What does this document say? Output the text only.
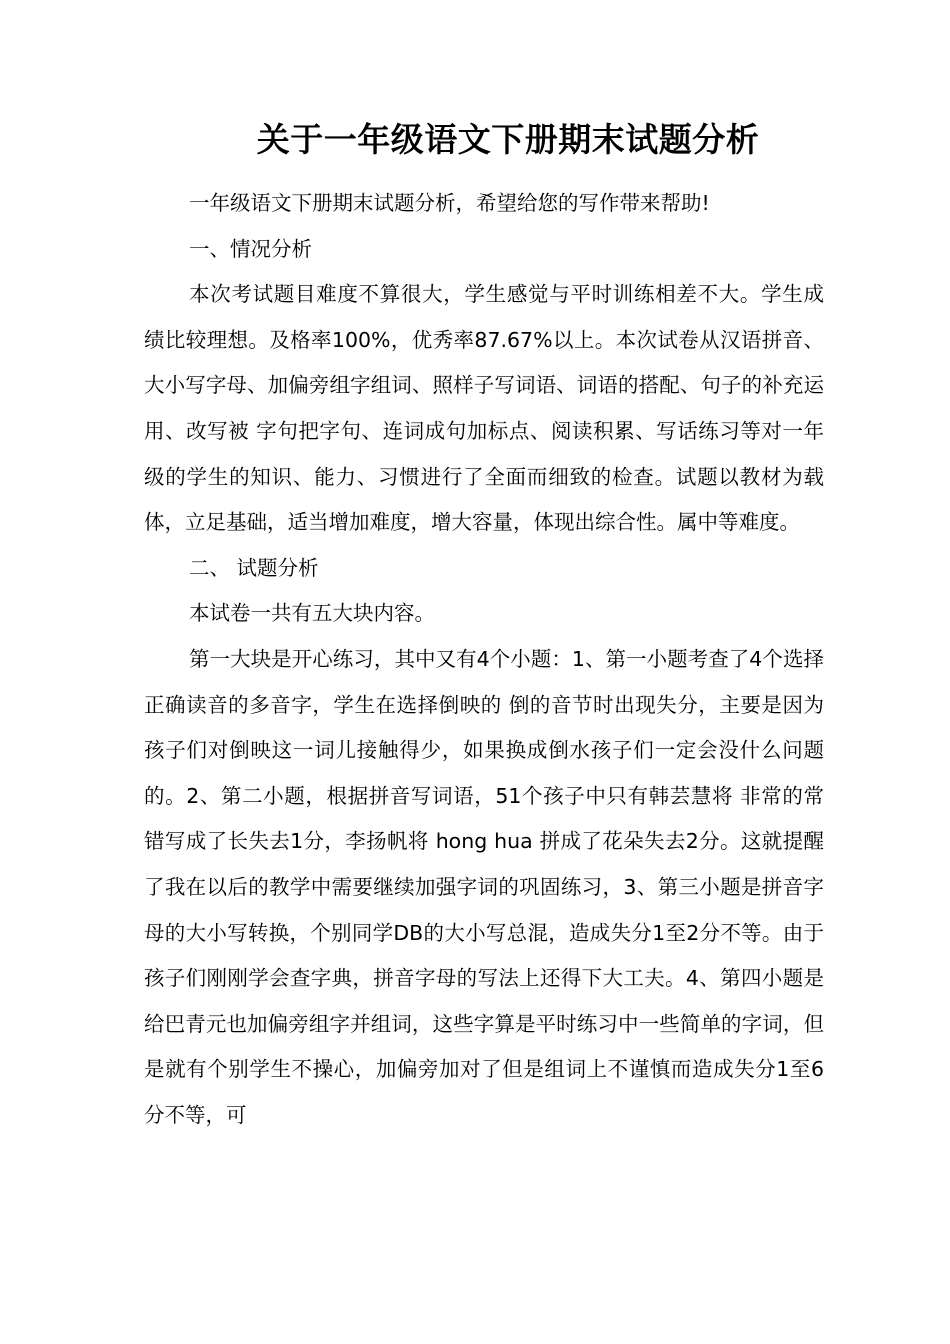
关于一年级语文下册期末试题分析

一年级语文下册期末试题分析，希望给您的写作带来帮助!

一、情况分析

本次考试题目难度不算很大，学生感觉与平时训练相差不大。学生成绩比较理想。及格率100%，优秀率87.67%以上。本次试卷从汉语拼音、大小写字母、加偏旁组字组词、照样子写词语、词语的搭配、句子的补充运用、改写被 字句把字句、连词成句加标点、阅读积累、写话练习等对一年级的学生的知识、能力、习惯进行了全面而细致的检查。试题以教材为载体，立足基础，适当增加难度，增大容量，体现出综合性。属中等难度。

二、 试题分析

本试卷一共有五大块内容。

第一大块是开心练习，其中又有4个小题：1、第一小题考查了4个选择正确读音的多音字，学生在选择倒映的 倒的音节时出现失分，主要是因为孩子们对倒映这一词儿接触得少，如果换成倒水孩子们一定会没什么问题的。2、第二小题，根据拼音写词语，51个孩子中只有韩芸慧将 非常的常错写成了长失去1分，李扬帆将 hong hua 拼成了花朵失去2分。这就提醒了我在以后的教学中需要继续加强字词的巩固练习，3、第三小题是拼音字母的大小写转换，个别同学DB的大小写总混，造成失分1至2分不等。由于孩子们刚刚学会查字典，拼音字母的写法上还得下大工夫。4、第四小题是给巴青元也加偏旁组字并组词，这些字算是平时练习中一些简单的字词，但是就有个别学生不操心，加偏旁加对了但是组词上不谨慎而造成失分1至6分不等，可
